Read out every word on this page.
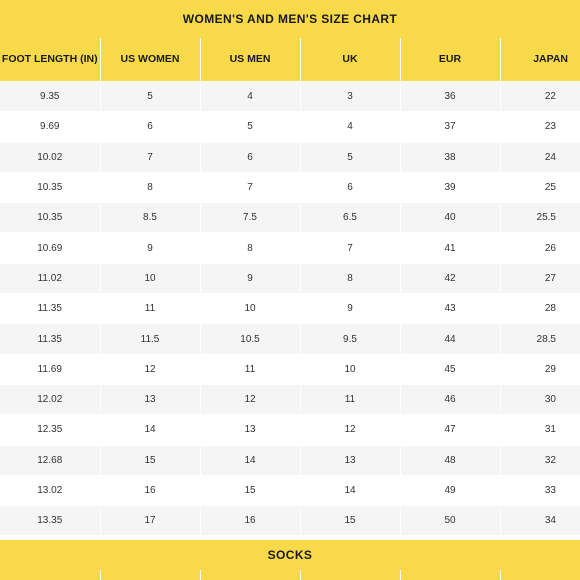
WOMEN'S AND MEN'S SIZE CHART
FOOT LENGTH (IN)	US WOMEN	US MEN	UK	EUR	JAPAN
9.35	5	4	3	36	22
9.69	6	5	4	37	23
10.02	7	6	5	38	24
10.35	8	7	6	39	25
10.35	8.5	7.5	6.5	40	25.5
10.69	9	8	7	41	26
11.02	10	9	8	42	27
11.35	11	10	9	43	28
11.35	11.5	10.5	9.5	44	28.5
11.69	12	11	10	45	29
12.02	13	12	11	46	30
12.35	14	13	12	47	31
12.68	15	14	13	48	32
13.02	16	15	14	49	33
13.35	17	16	15	50	34
SOCKS
